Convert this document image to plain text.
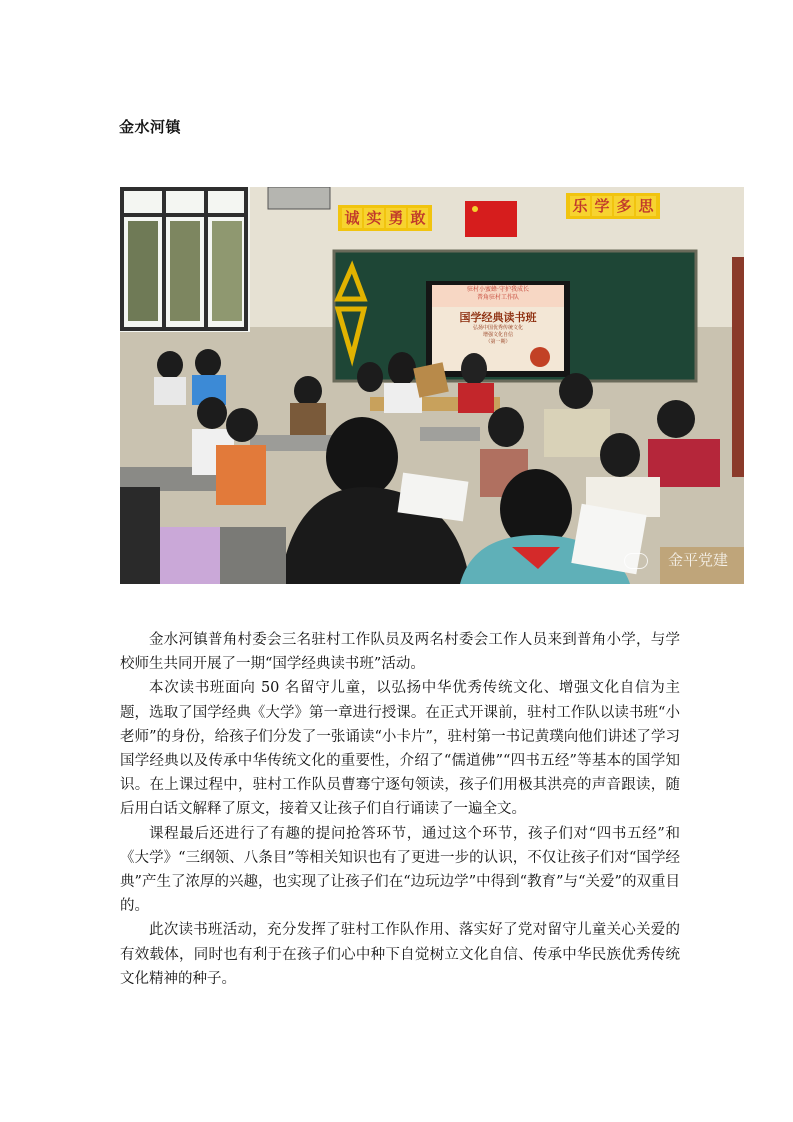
金水河镇
诚 实 勇 敢
乐 学 多 思
驻村小蜜蜂·守护我成长
普角驻村工作队
国学经典读书班
弘扬中国优秀传统文化
增强文化自信
（第一期）
金平党建

金水河镇普角村委会三名驻村工作队员及两名村委会工作人员来到普角小学，与学校师生共同开展了一期“国学经典读书班”活动。

本次读书班面向 50 名留守儿童，以弘扬中华优秀传统文化、增强文化自信为主题，选取了国学经典《大学》第一章进行授课。在正式开课前，驻村工作队以读书班“小老师”的身份，给孩子们分发了一张诵读“小卡片”，驻村第一书记黄璞向他们讲述了学习国学经典以及传承中华传统文化的重要性，介绍了“儒道佛”“四书五经”等基本的国学知识。在上课过程中，驻村工作队员曹骞宁逐句领读，孩子们用极其洪亮的声音跟读，随后用白话文解释了原文，接着又让孩子们自行诵读了一遍全文。

课程最后还进行了有趣的提问抢答环节，通过这个环节，孩子们对“四书五经”和《大学》“三纲领、八条目”等相关知识也有了更进一步的认识，不仅让孩子们对“国学经典”产生了浓厚的兴趣，也实现了让孩子们在“边玩边学”中得到“教育”与“关爱”的双重目的。

此次读书班活动，充分发挥了驻村工作队作用、落实好了党对留守儿童关心关爱的有效载体，同时也有利于在孩子们心中种下自觉树立文化自信、传承中华民族优秀传统文化精神的种子。
